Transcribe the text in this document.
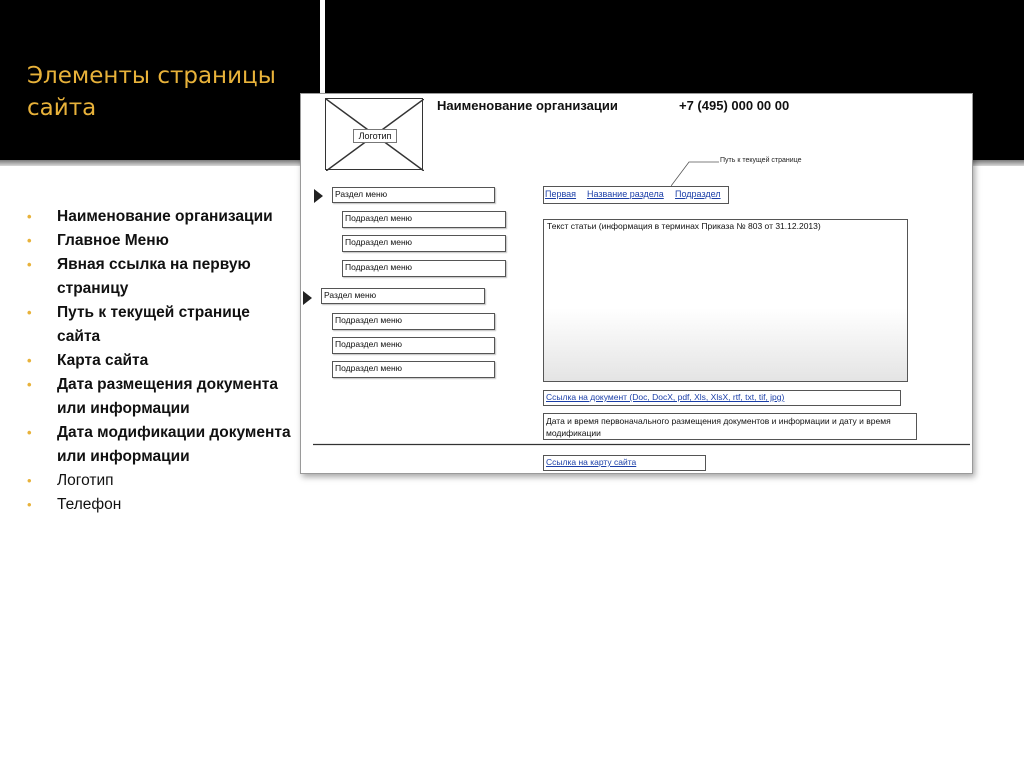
Элементы страницы сайта
• Наименование организации
• Главное Меню
• Явная ссылка на первую страницу
• Путь к текущей странице сайта
• Карта сайта
• Дата размещения документа или информации
• Дата модификации документа или информации
• Логотип
• Телефон
Логотип
Наименование организации	+7 (495) 000 00 00
Путь к текущей странице
Раздел меню
Подраздел меню
Подраздел меню
Подраздел меню
Раздел меню
Подраздел меню
Подраздел меню
Подраздел меню
Первая Название раздела Подраздел
Текст статьи (информация в терминах Приказа № 803 от 31.12.2013)
Ссылка на документ (Doc, DocX, pdf, Xls, XlsX, rtf, txt, tif, jpg)
Дата и время первоначального размещения документов и информации и дату и время модификации
Ссылка на карту сайта
